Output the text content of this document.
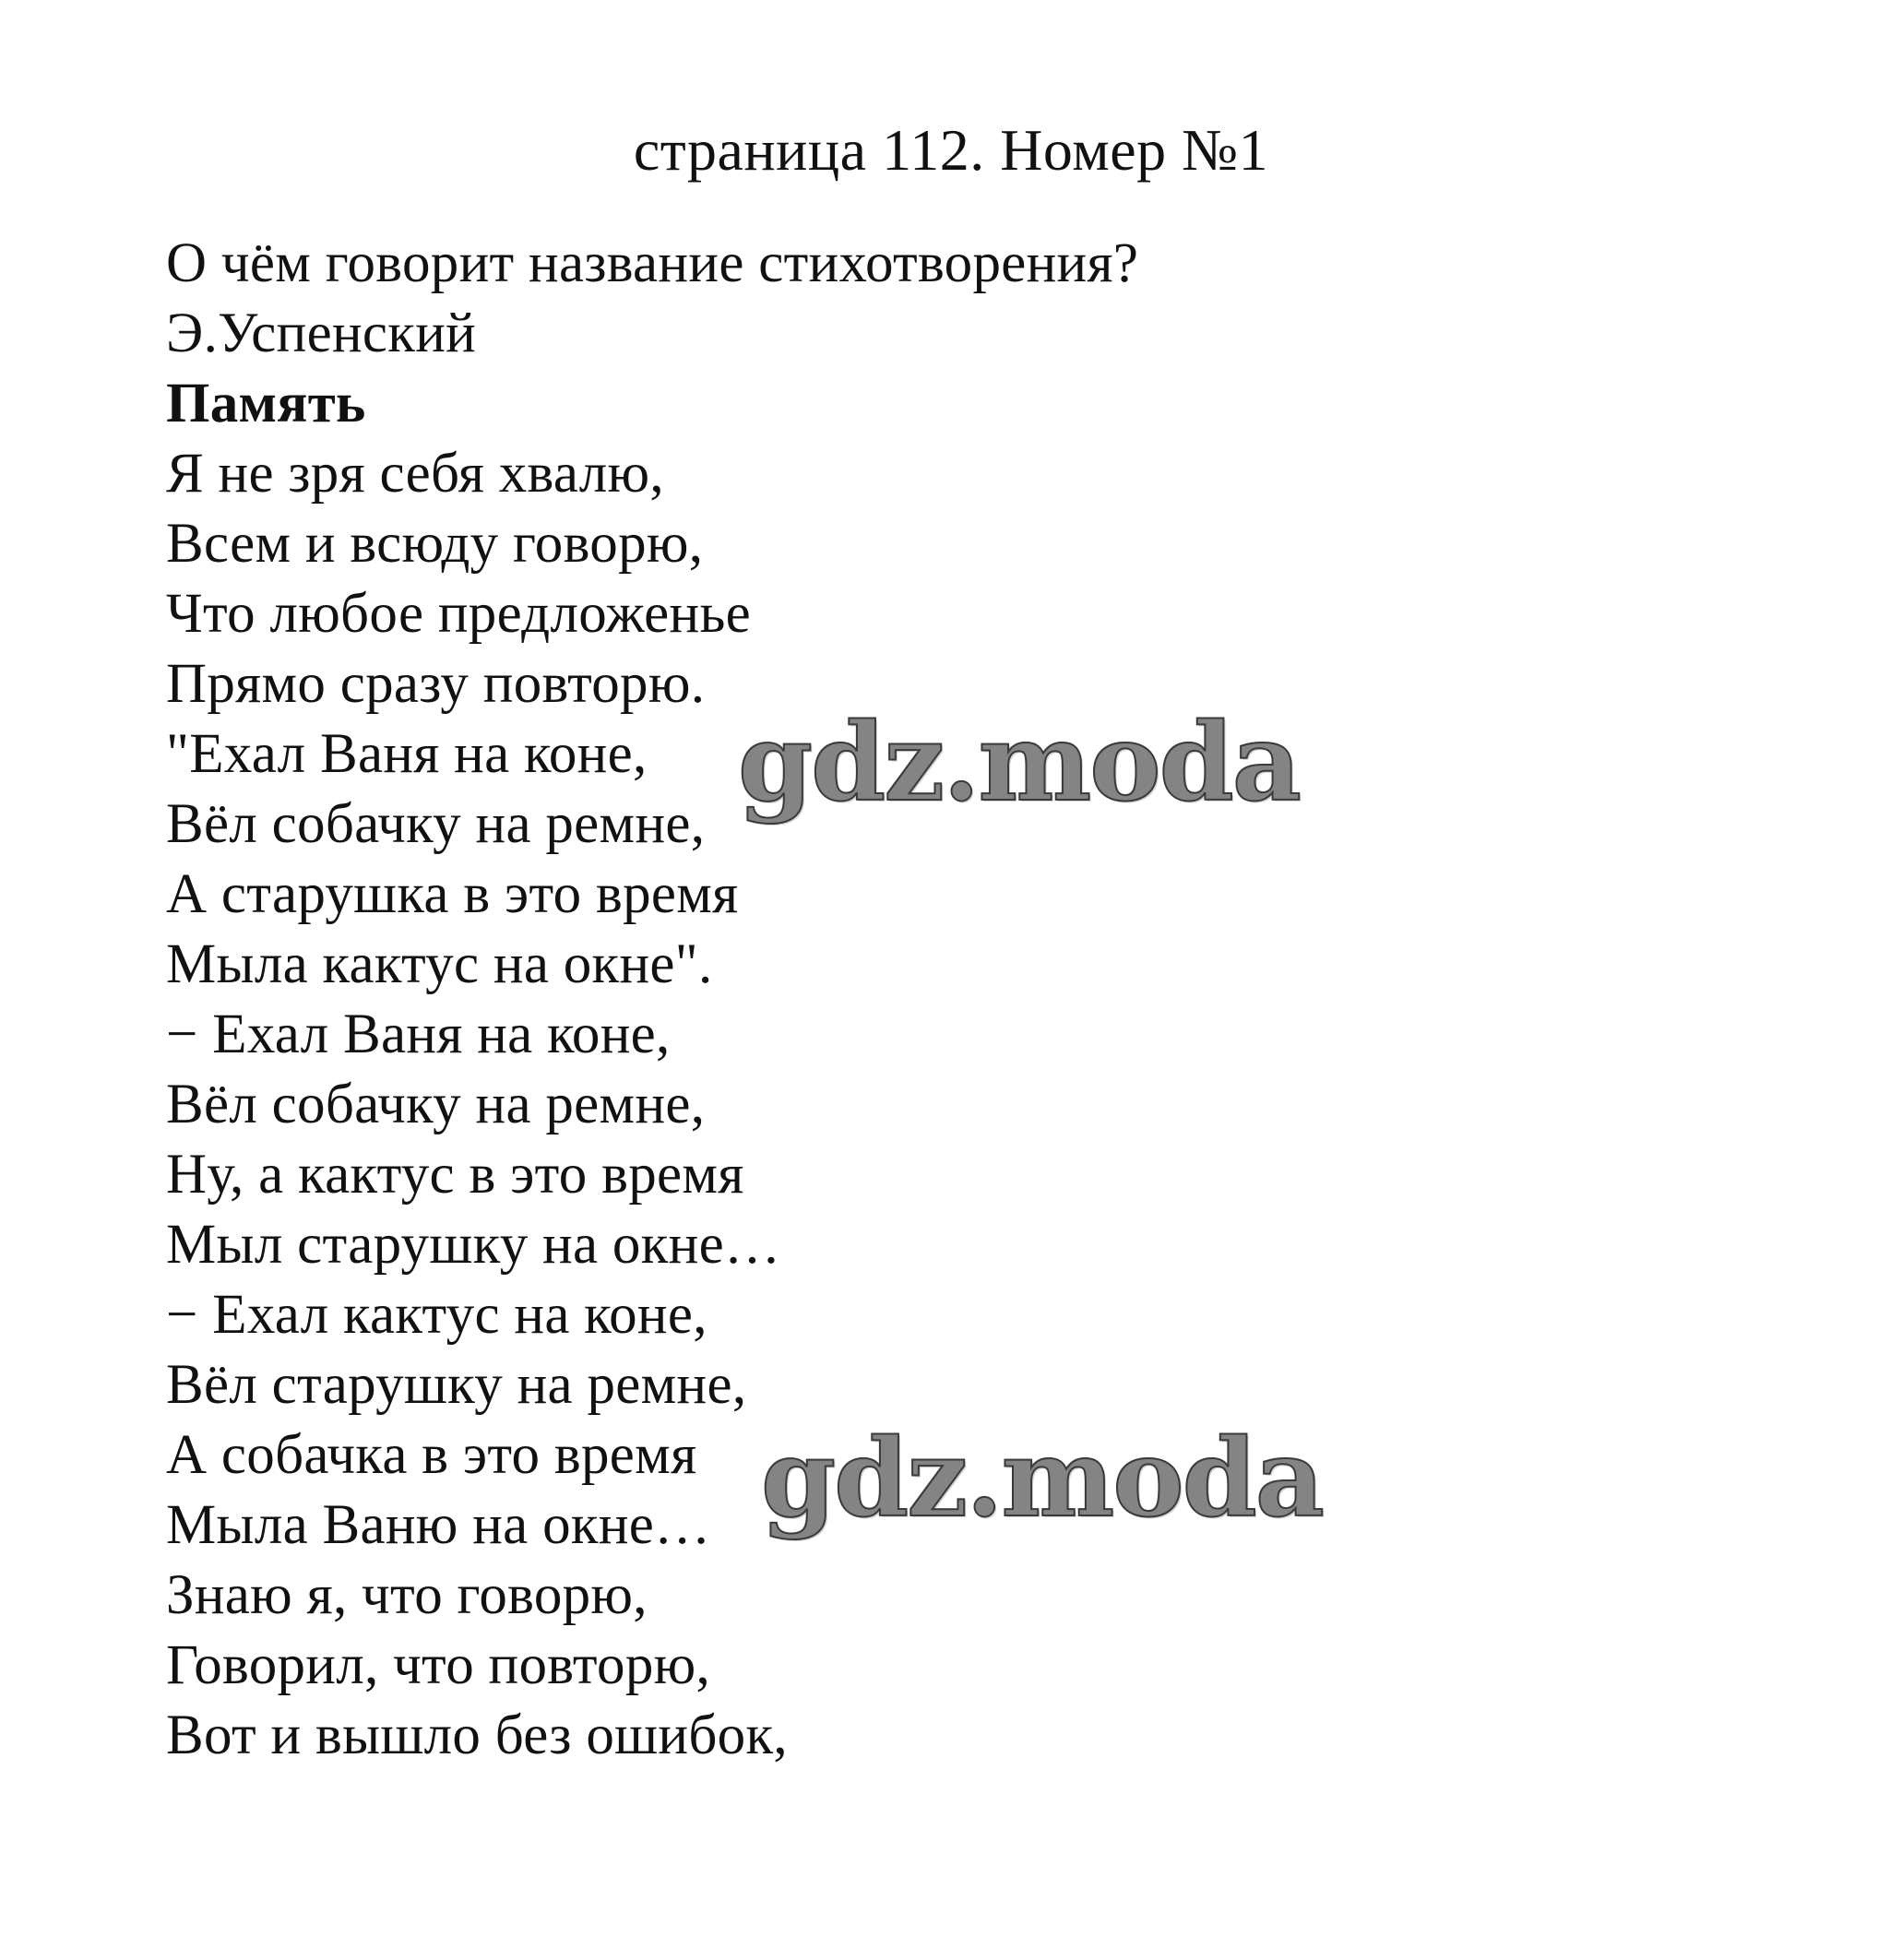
страница 112. Номер №1
О чём говорит название стихотворения?
Э.Успенский
Память
Я не зря себя хвалю,
Всем и всюду говорю,
Что любое предложенье
Прямо сразу повторю.
"Ехал Ваня на коне,
Вёл собачку на ремне,
А старушка в это время
Мыла кактус на окне".
− Ехал Ваня на коне,
Вёл собачку на ремне,
Ну, а кактус в это время
Мыл старушку на окне…
− Ехал кактус на коне,
Вёл старушку на ремне,
А собачка в это время
Мыла Ваню на окне…
Знаю я, что говорю,
Говорил, что повторю,
Вот и вышло без ошибок,
gdz.moda
gdz.moda
